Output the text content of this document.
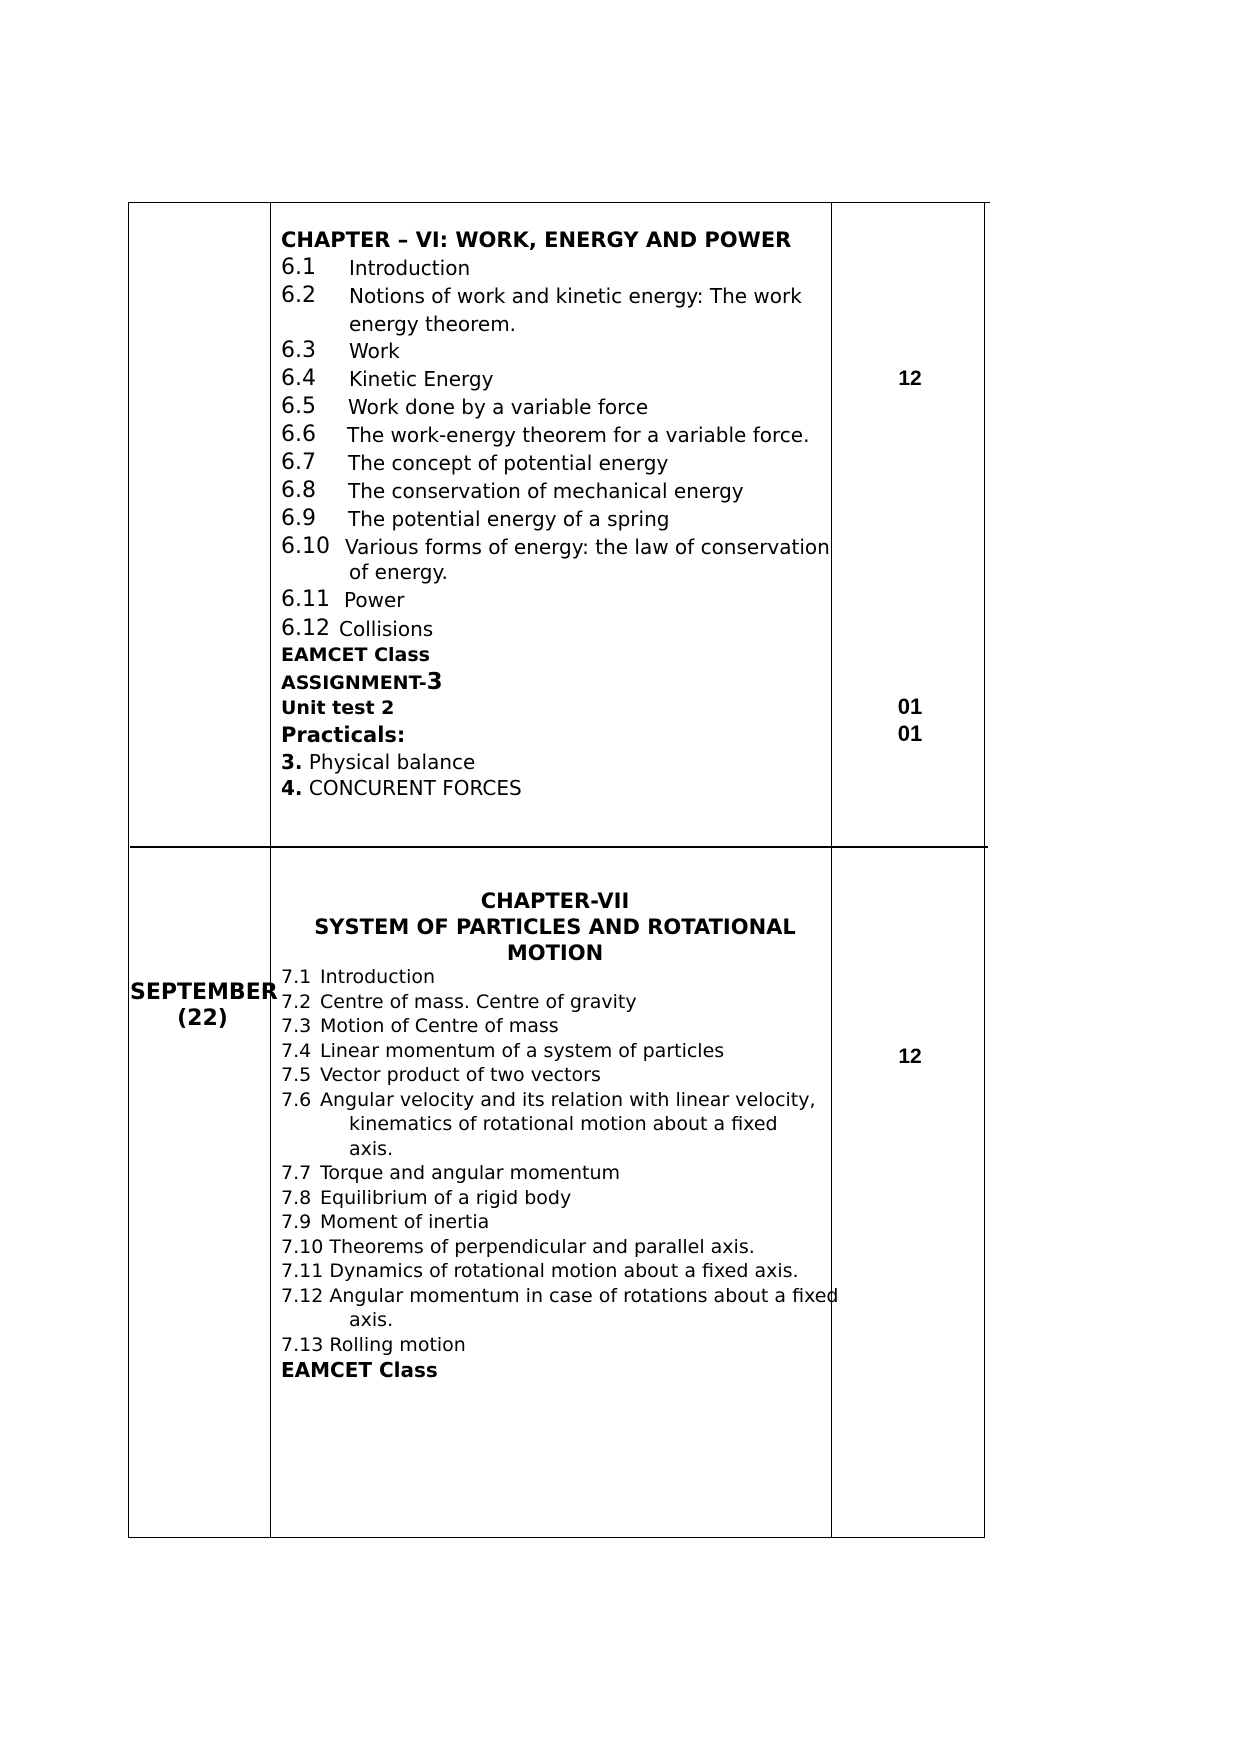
CHAPTER – VI: WORK, ENERGY AND POWER
6.1 Introduction
6.2 Notions of work and kinetic energy: The work
energy theorem.
6.3 Work
6.4 Kinetic Energy
6.5 Work done by a variable force
6.6 The work-energy theorem for a variable force.
6.7 The concept of potential energy
6.8 The conservation of mechanical energy
6.9 The potential energy of a spring
6.10 Various forms of energy: the law of conservation
of energy.
6.11 Power
6.12 Collisions
EAMCET Class
ASSIGNMENT-3
Unit test 2
Practicals:
3. Physical balance
4. CONCURENT FORCES
12
01
01
SEPTEMBER
(22)
CHAPTER-VII
SYSTEM OF PARTICLES AND ROTATIONAL
MOTION
7.1 Introduction
7.2 Centre of mass. Centre of gravity
7.3 Motion of Centre of mass
7.4 Linear momentum of a system of particles
7.5 Vector product of two vectors
7.6 Angular velocity and its relation with linear velocity,
kinematics of rotational motion about a fixed
axis.
7.7 Torque and angular momentum
7.8 Equilibrium of a rigid body
7.9 Moment of inertia
7.10 Theorems of perpendicular and parallel axis.
7.11 Dynamics of rotational motion about a fixed axis.
7.12 Angular momentum in case of rotations about a fixed
axis.
7.13 Rolling motion
EAMCET Class
12
